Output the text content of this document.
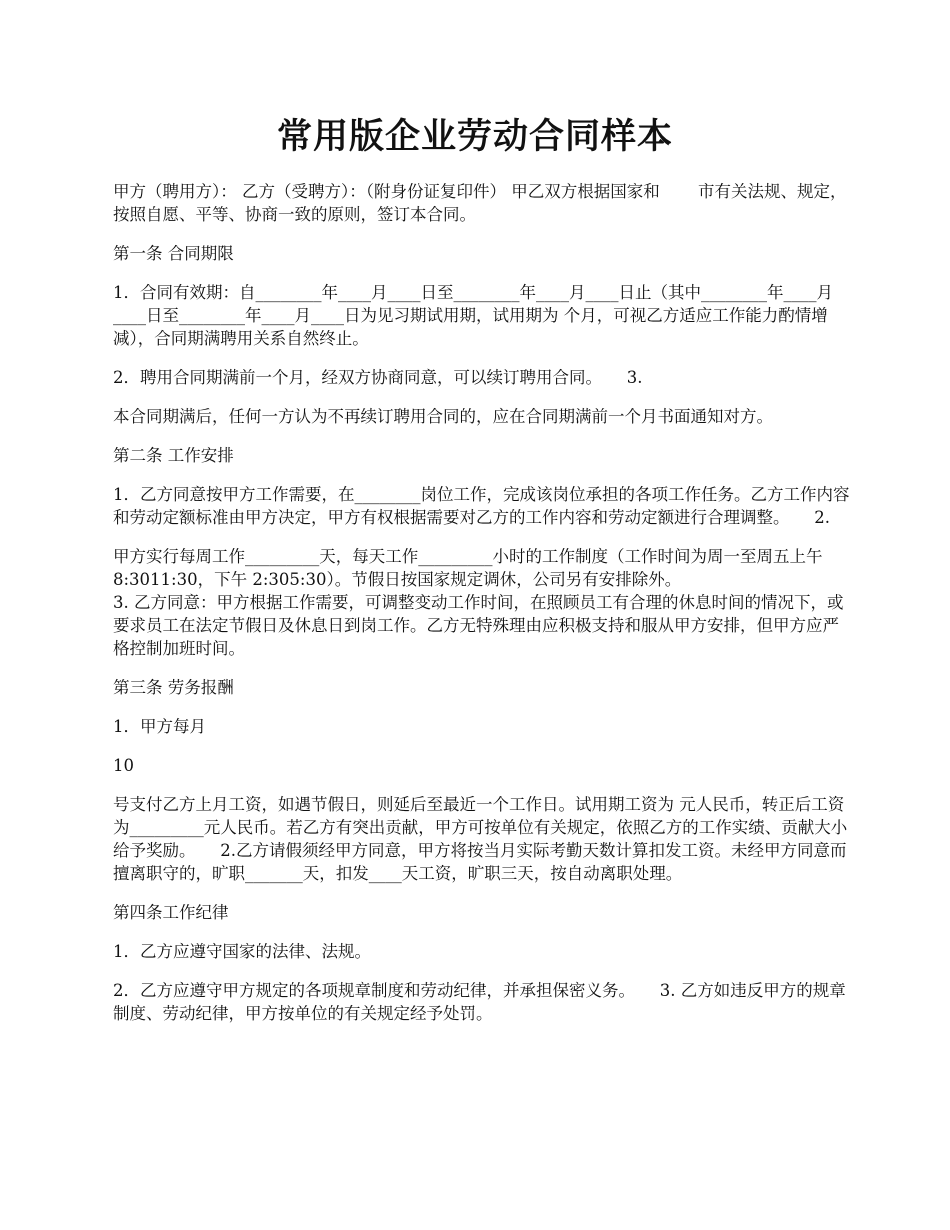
常用版企业劳动合同样本

甲方（聘用方）： 乙方（受聘方）：（附身份证复印件） 甲乙双方根据国家和　　 市有关法规、规定，按照自愿、平等、协商一致的原则，签订本合同。

第一条 合同期限

1．合同有效期：自________年____月____日至________年____月____日止（其中________年____月____日至________年____月____日为见习期试用期，试用期为 个月，可视乙方适应工作能力酌情增减），合同期满聘用关系自然终止。

2．聘用合同期满前一个月，经双方协商同意，可以续订聘用合同。　　3.

本合同期满后，任何一方认为不再续订聘用合同的，应在合同期满前一个月书面通知对方。

第二条 工作安排

1．乙方同意按甲方工作需要，在________岗位工作，完成该岗位承担的各项工作任务。乙方工作内容和劳动定额标准由甲方决定，甲方有权根据需要对乙方的工作内容和劳动定额进行合理调整。　　2.

甲方实行每周工作_________天，每天工作_________小时的工作制度（工作时间为周一至周五上午 8:3011:30，下午 2:305:30）。节假日按国家规定调休，公司另有安排除外。

3. 乙方同意：甲方根据工作需要，可调整变动工作时间，在照顾员工有合理的休息时间的情况下，或要求员工在法定节假日及休息日到岗工作。乙方无特殊理由应积极支持和服从甲方安排，但甲方应严格控制加班时间。

第三条 劳务报酬

1．甲方每月

10

号支付乙方上月工资，如遇节假日，则延后至最近一个工作日。试用期工资为 元人民币，转正后工资为_________元人民币。若乙方有突出贡献，甲方可按单位有关规定，依照乙方的工作实绩、贡献大小给予奖励。　　2.乙方请假须经甲方同意，甲方将按当月实际考勤天数计算扣发工资。未经甲方同意而擅离职守的，旷职_______天，扣发____天工资，旷职三天，按自动离职处理。

第四条工作纪律

1．乙方应遵守国家的法律、法规。

2．乙方应遵守甲方规定的各项规章制度和劳动纪律，并承担保密义务。　　3. 乙方如违反甲方的规章制度、劳动纪律，甲方按单位的有关规定经予处罚。
